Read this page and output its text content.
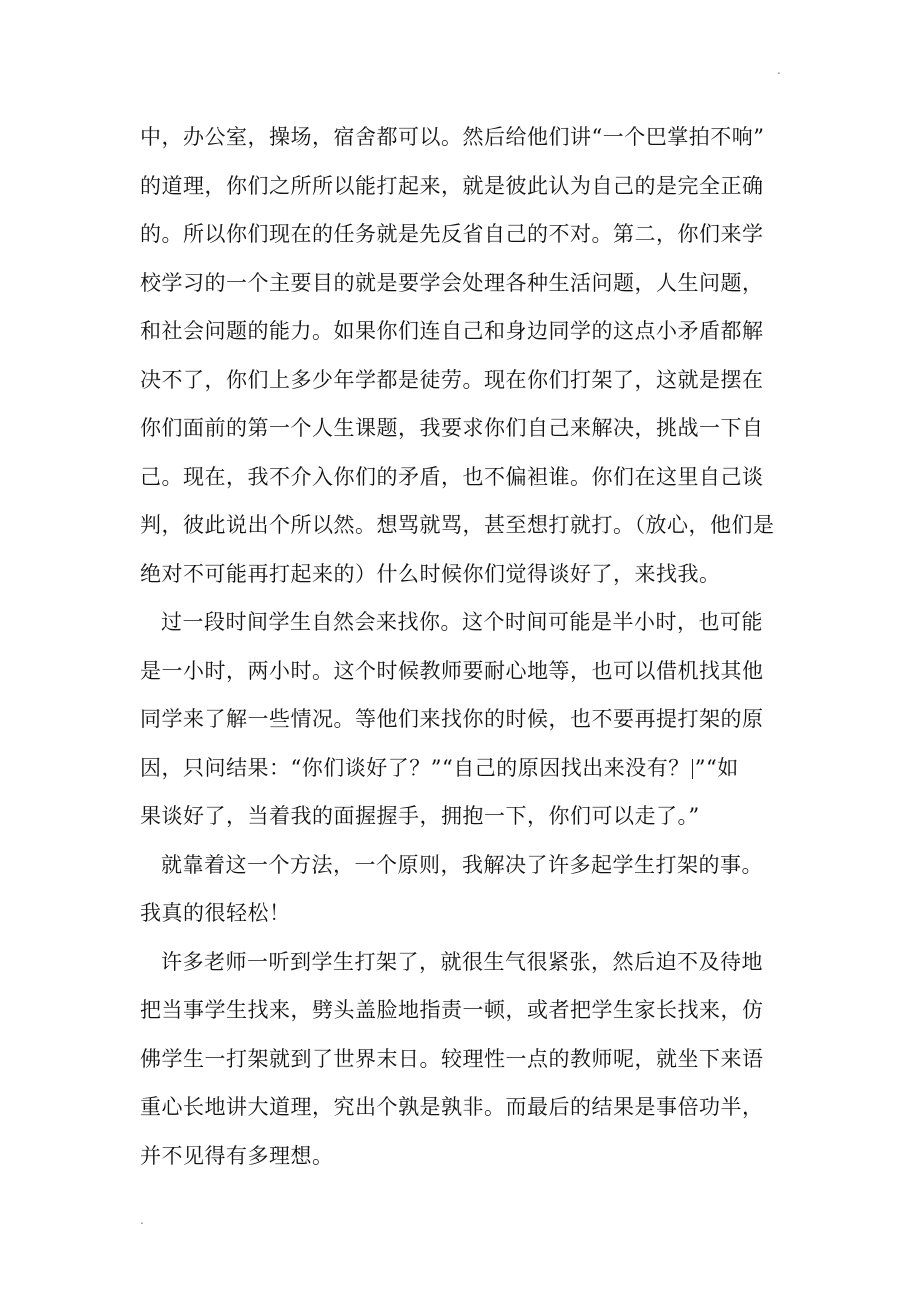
.
中，办公室，操场，宿舍都可以。然后给他们讲“一个巴掌拍不响”
的道理，你们之所所以能打起来，就是彼此认为自己的是完全正确
的。所以你们现在的任务就是先反省自己的不对。第二，你们来学
校学习的一个主要目的就是要学会处理各种生活问题，人生问题，
和社会问题的能力。如果你们连自己和身边同学的这点小矛盾都解
决不了，你们上多少年学都是徒劳。现在你们打架了，这就是摆在
你们面前的第一个人生课题，我要求你们自己来解决，挑战一下自
己。现在，我不介入你们的矛盾，也不偏袒谁。你们在这里自己谈
判，彼此说出个所以然。想骂就骂，甚至想打就打。（放心，他们是
绝对不可能再打起来的）什么时候你们觉得谈好了，来找我。
过一段时间学生自然会来找你。这个时间可能是半小时，也可能
是一小时，两小时。这个时候教师要耐心地等，也可以借机找其他
同学来了解一些情况。等他们来找你的时候，也不要再提打架的原
因，只问结果：“你们谈好了？”“自己的原因找出来没有？ ”“如
果谈好了，当着我的面握握手，拥抱一下，你们可以走了。”
就靠着这一个方法，一个原则，我解决了许多起学生打架的事。
我真的很轻松！
许多老师一听到学生打架了，就很生气很紧张，然后迫不及待地
把当事学生找来，劈头盖脸地指责一顿，或者把学生家长找来，仿
佛学生一打架就到了世界末日。较理性一点的教师呢，就坐下来语
重心长地讲大道理，究出个孰是孰非。而最后的结果是事倍功半，
并不见得有多理想。
.
